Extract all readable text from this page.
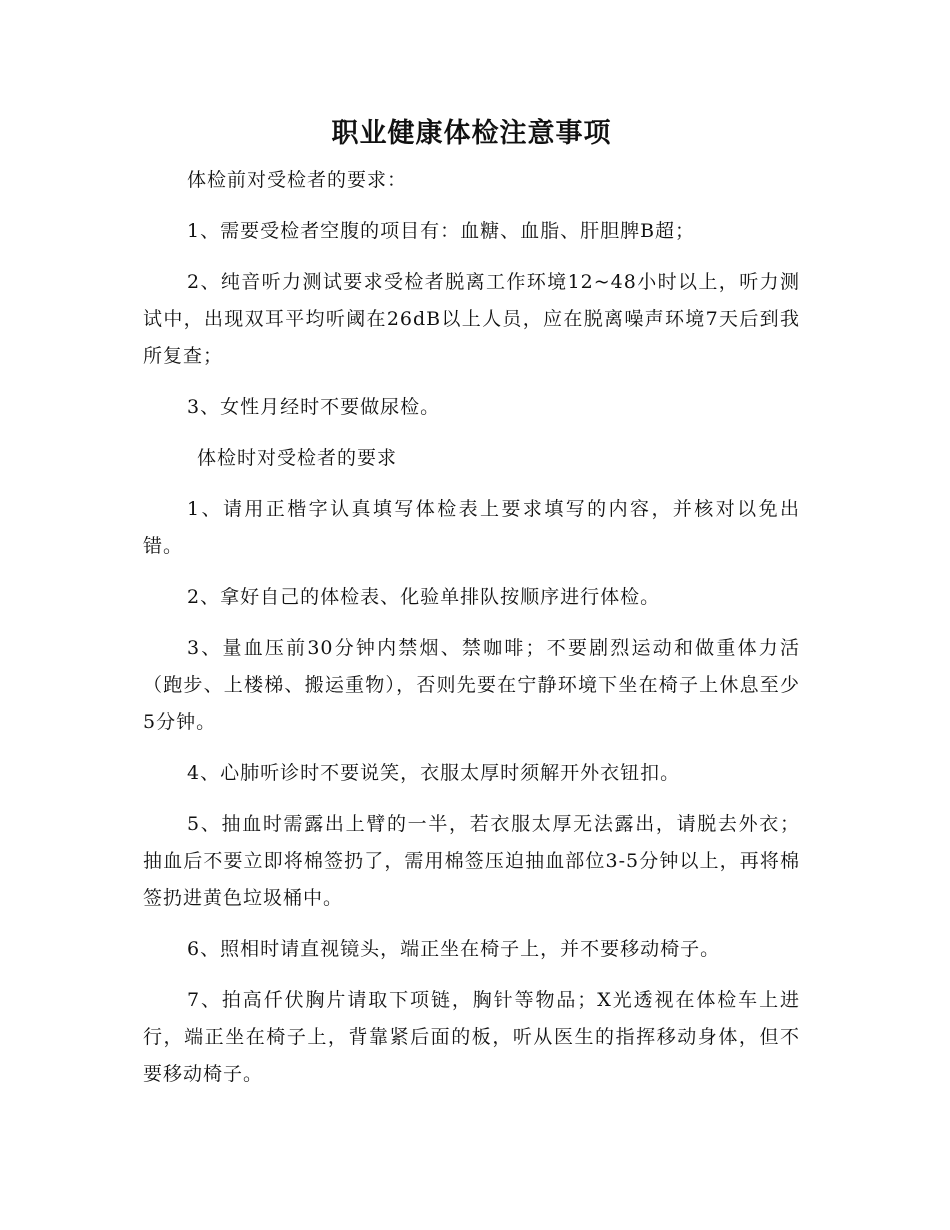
职业健康体检注意事项

体检前对受检者的要求：

1、需要受检者空腹的项目有：血糖、血脂、肝胆脾B超；

2、纯音听力测试要求受检者脱离工作环境12~48小时以上，听力测试中，出现双耳平均听阈在26dB以上人员，应在脱离噪声环境7天后到我所复查；

3、女性月经时不要做尿检。

体检时对受检者的要求

1、请用正楷字认真填写体检表上要求填写的内容，并核对以免出错。

2、拿好自己的体检表、化验单排队按顺序进行体检。

3、量血压前30分钟内禁烟、禁咖啡；不要剧烈运动和做重体力活（跑步、上楼梯、搬运重物），否则先要在宁静环境下坐在椅子上休息至少5分钟。

4、心肺听诊时不要说笑，衣服太厚时须解开外衣钮扣。

5、抽血时需露出上臂的一半，若衣服太厚无法露出，请脱去外衣；抽血后不要立即将棉签扔了，需用棉签压迫抽血部位3-5分钟以上，再将棉签扔进黄色垃圾桶中。

6、照相时请直视镜头，端正坐在椅子上，并不要移动椅子。

7、拍高仟伏胸片请取下项链，胸针等物品；X光透视在体检车上进行，端正坐在椅子上，背靠紧后面的板，听从医生的指挥移动身体，但不要移动椅子。
